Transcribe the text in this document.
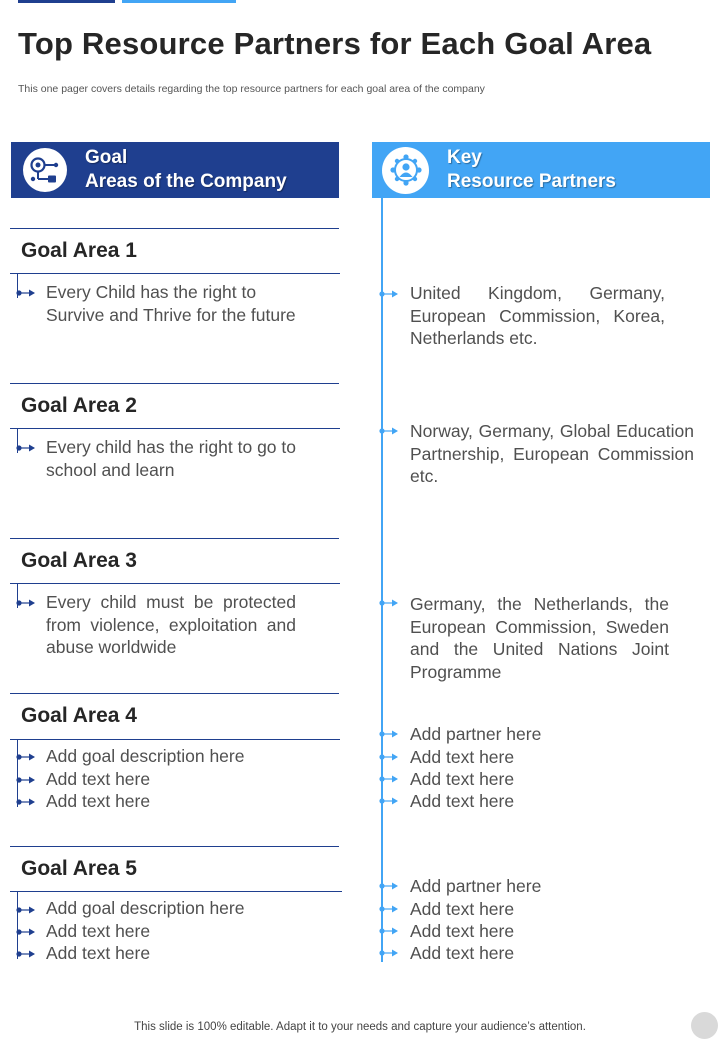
Top Resource Partners for Each Goal Area

This one pager covers details regarding the top resource partners for each goal area of the company

Goal
Areas of the Company
Key
Resource Partners
Goal Area 1
Every Child has the right to Survive and Thrive for the future
Goal Area 2
Every child has the right to go to school and learn
Goal Area 3
Every child must be protected from violence, exploitation and abuse worldwide
Goal Area 4
Add goal description here
Add text here
Add text here
Goal Area 5
Add goal description here
Add text here
Add text here
United Kingdom, Germany, European Commission, Korea, Netherlands etc.
Norway, Germany, Global Education Partnership, European Commission etc.
Germany, the Netherlands, the European Commission, Sweden and the United Nations Joint Programme
Add partner here
Add text here
Add text here
Add text here
Add partner here
Add text here
Add text here
Add text here
This slide is 100% editable. Adapt it to your needs and capture your audience’s attention.
